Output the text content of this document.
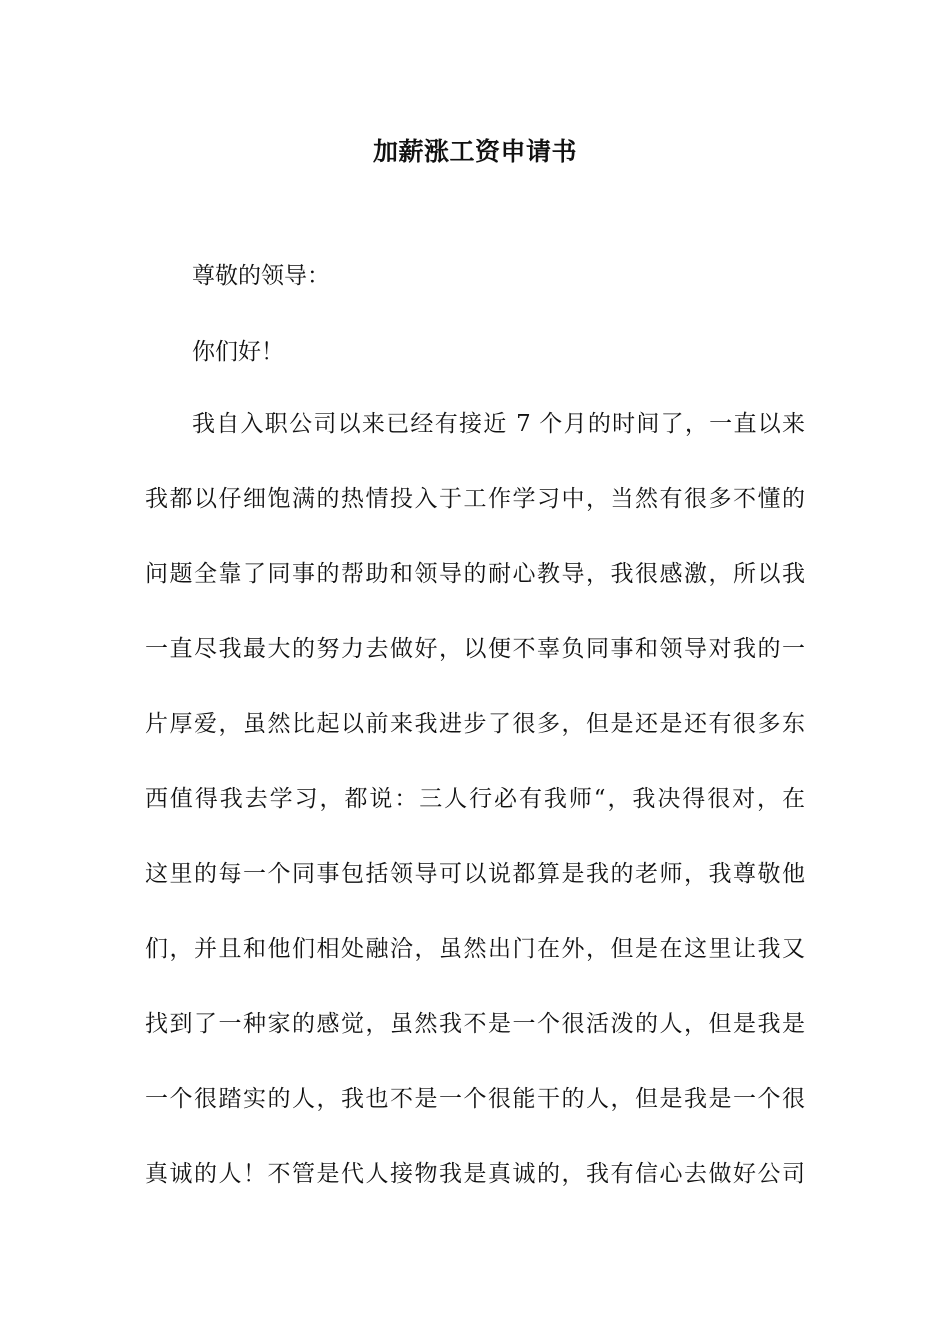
加薪涨工资申请书

尊敬的领导：

你们好！

我自入职公司以来已经有接近 7 个月的时间了，一直以来
我都以仔细饱满的热情投入于工作学习中，当然有很多不懂的
问题全靠了同事的帮助和领导的耐心教导，我很感激，所以我
一直尽我最大的努力去做好，以便不辜负同事和领导对我的一
片厚爱，虽然比起以前来我进步了很多，但是还是还有很多东
西值得我去学习，都说：三人行必有我师“，我决得很对，在
这里的每一个同事包括领导可以说都算是我的老师，我尊敬他
们，并且和他们相处融洽，虽然出门在外，但是在这里让我又
找到了一种家的感觉，虽然我不是一个很活泼的人，但是我是
一个很踏实的人，我也不是一个很能干的人，但是我是一个很
真诚的人！不管是代人接物我是真诚的，我有信心去做好公司
